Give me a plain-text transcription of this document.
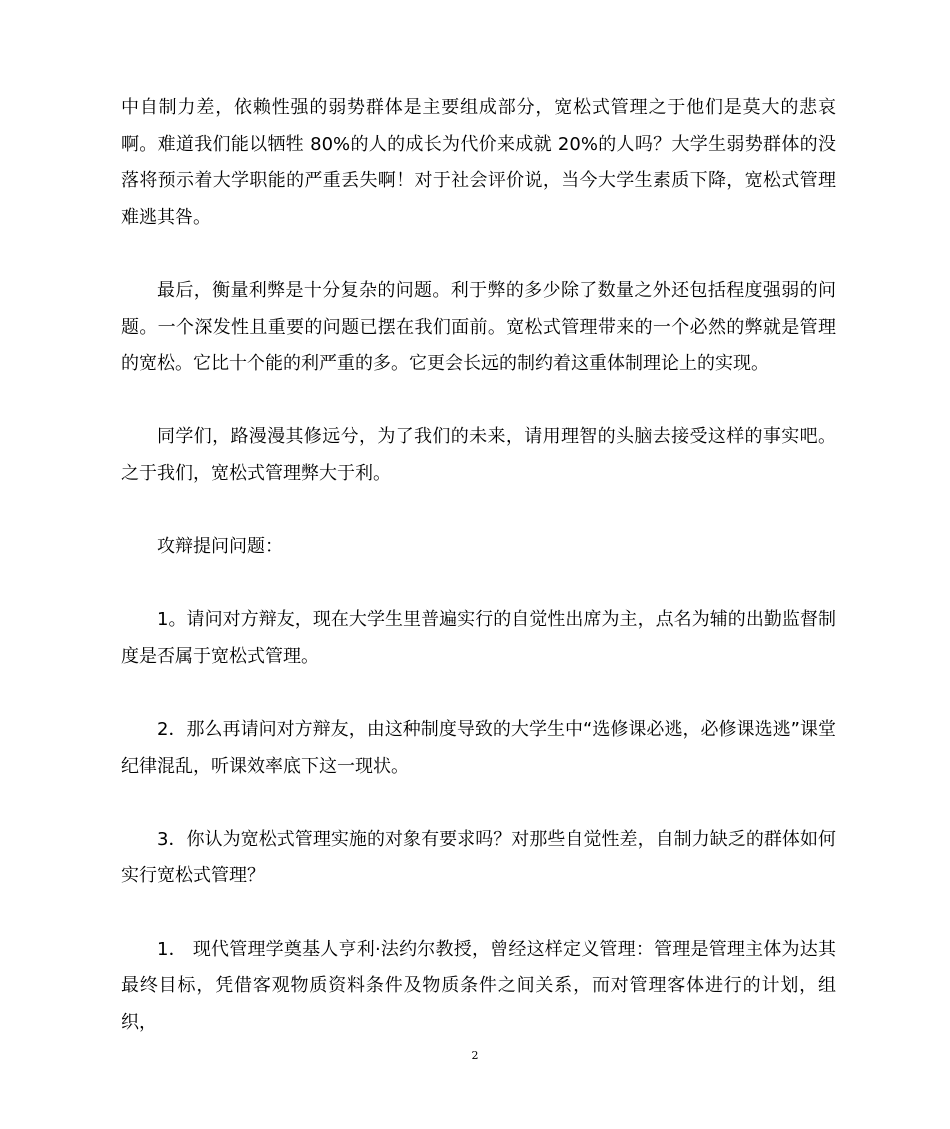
中自制力差，依赖性强的弱势群体是主要组成部分，宽松式管理之于他们是莫大的悲哀啊。难道我们能以牺牲 80%的人的成长为代价来成就 20%的人吗？大学生弱势群体的没落将预示着大学职能的严重丢失啊！对于社会评价说，当今大学生素质下降，宽松式管理难逃其咎。

最后，衡量利弊是十分复杂的问题。利于弊的多少除了数量之外还包括程度强弱的问题。一个深发性且重要的问题已摆在我们面前。宽松式管理带来的一个必然的弊就是管理的宽松。它比十个能的利严重的多。它更会长远的制约着这重体制理论上的实现。

同学们，路漫漫其修远兮，为了我们的未来，请用理智的头脑去接受这样的事实吧。之于我们，宽松式管理弊大于利。

攻辩提问问题：

1。请问对方辩友，现在大学生里普遍实行的自觉性出席为主，点名为辅的出勤监督制度是否属于宽松式管理。

2．那么再请问对方辩友，由这种制度导致的大学生中“选修课必逃，必修课选逃”课堂纪律混乱，听课效率底下这一现状。

3．你认为宽松式管理实施的对象有要求吗？对那些自觉性差，自制力缺乏的群体如何实行宽松式管理？

1． 现代管理学奠基人亨利·法约尔教授，曾经这样定义管理：管理是管理主体为达其最终目标，凭借客观物质资料条件及物质条件之间关系，而对管理客体进行的计划，组织，

2
